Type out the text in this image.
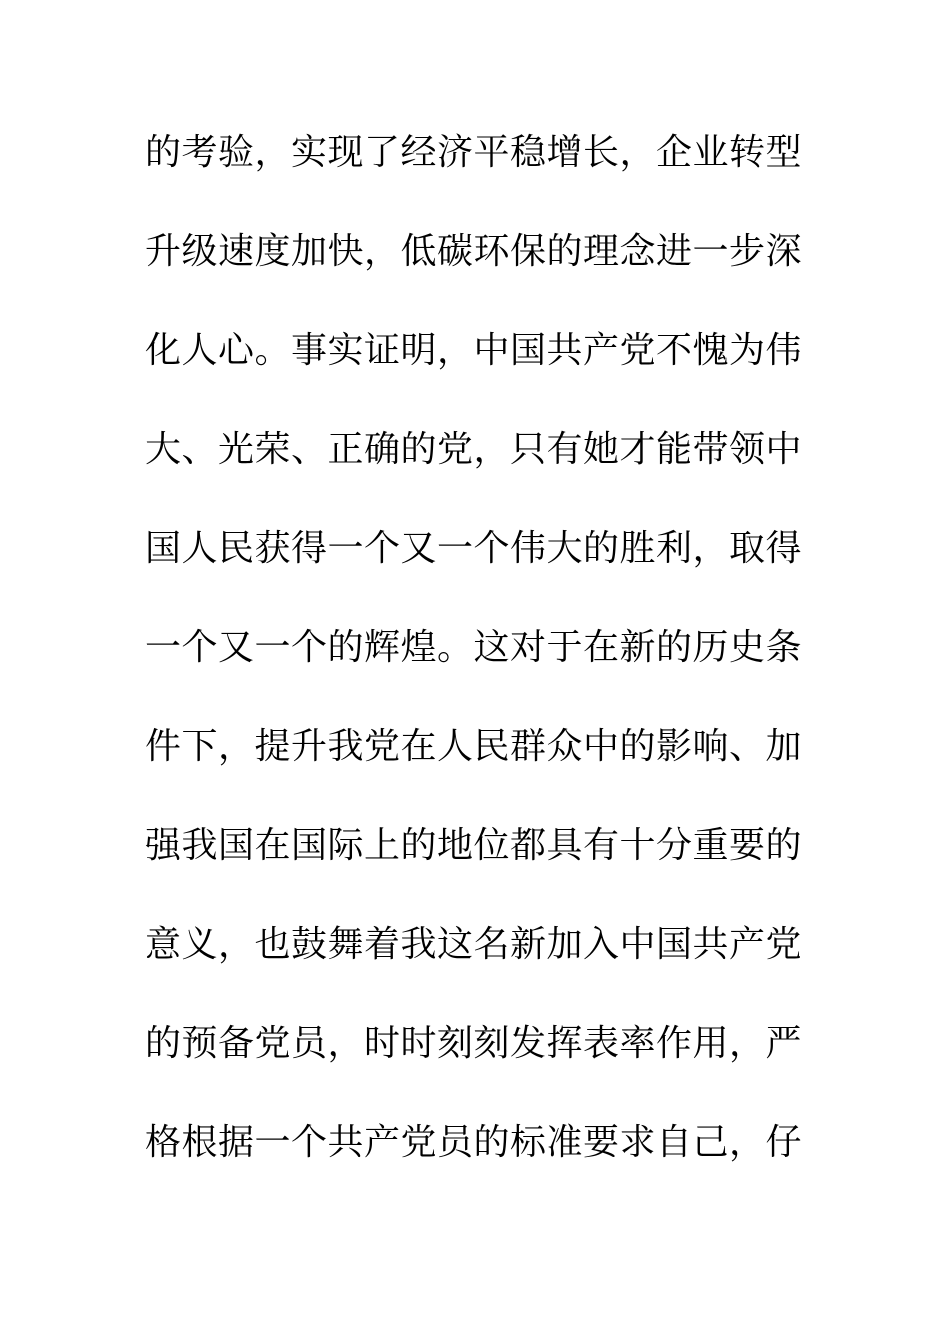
的考验，实现了经济平稳增长，企业转型
升级速度加快，低碳环保的理念进一步深
化人心。事实证明，中国共产党不愧为伟
大、光荣、正确的党，只有她才能带领中
国人民获得一个又一个伟大的胜利，取得
一个又一个的辉煌。这对于在新的历史条
件下，提升我党在人民群众中的影响、加
强我国在国际上的地位都具有十分重要的
意义，也鼓舞着我这名新加入中国共产党
的预备党员，时时刻刻发挥表率作用，严
格根据一个共产党员的标准要求自己，仔
